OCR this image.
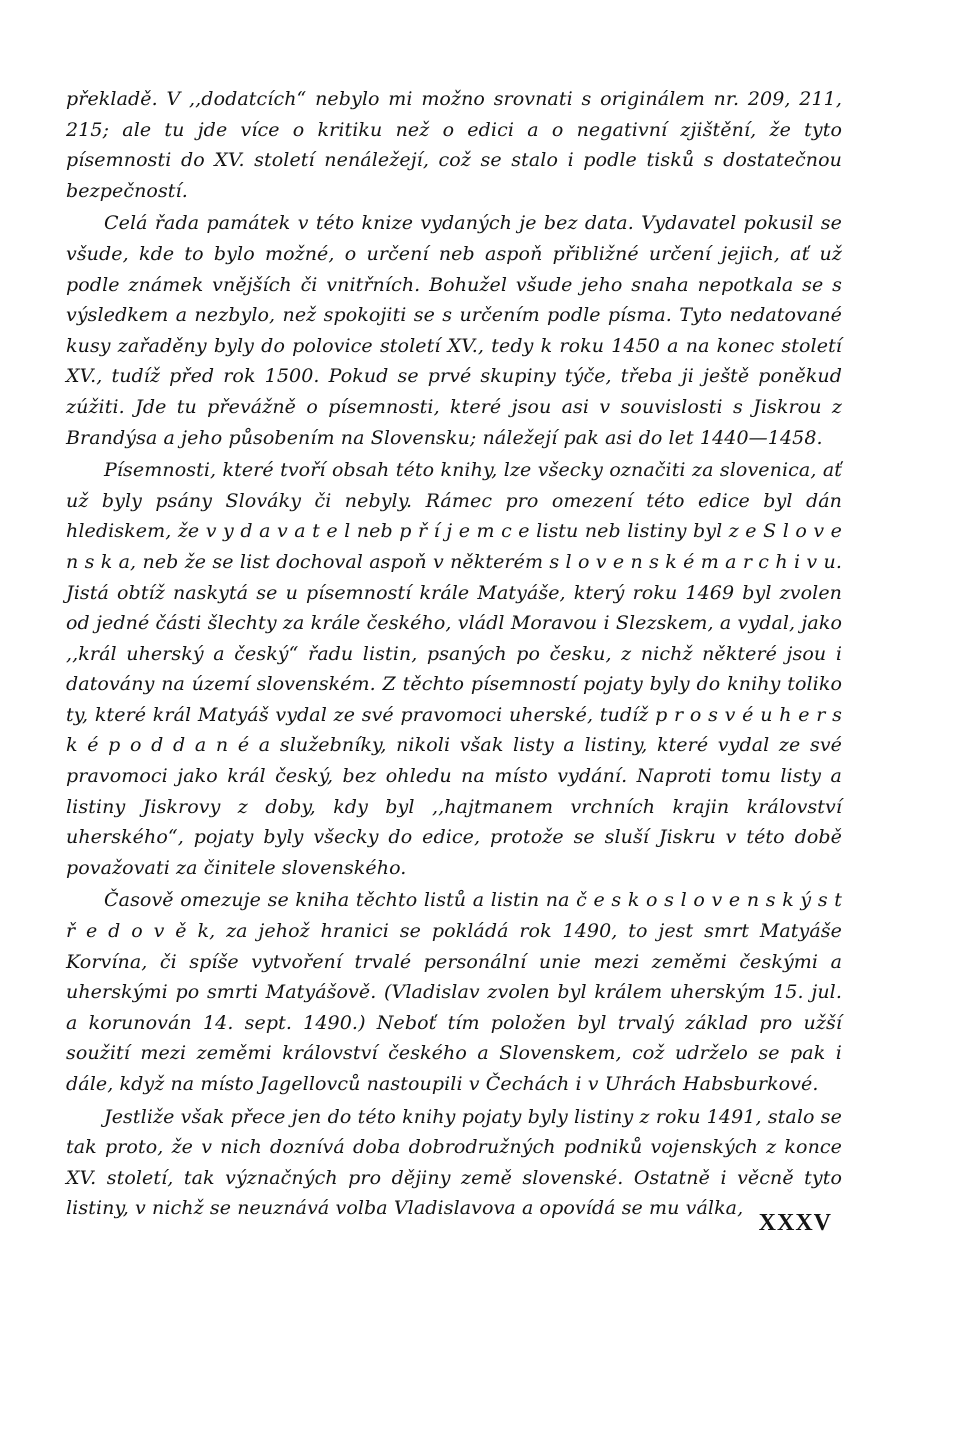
překladě. V ,,dodatcích“ nebylo mi možno srovnati s originálem nr. 209, 211, 215; ale tu jde více o kritiku než o edici a o negativní zjištění, že tyto písemnosti do XV. století nenáležejí, což se stalo i podle tisků s dostatečnou bezpečností.

Celá řada památek v této knize vydaných je bez data. Vydavatel pokusil se všude, kde to bylo možné, o určení neb aspoň přibližné určení jejich, ať už podle známek vnějších či vnitřních. Bohužel všude jeho snaha nepotkala se s výsledkem a nezbylo, než spokojiti se s určením podle písma. Tyto nedatované kusy zařaděny byly do polovice století XV., tedy k roku 1450 a na konec století XV., tudíž před rok 1500. Pokud se prvé skupiny týče, třeba ji ještě poněkud zúžiti. Jde tu převážně o písemnosti, které jsou asi v souvislosti s Jiskrou z Brandýsa a jeho působením na Slovensku; náležejí pak asi do let 1440—1458.

Písemnosti, které tvoří obsah této knihy, lze všecky označiti za slovenica, ať už byly psány Slováky či nebyly. Rámec pro omezení této edice byl dán hlediskem, že v y d a v a t e l neb p ř í j e m c e listu neb listiny byl z e S l o v e n s k a, neb že se list dochoval aspoň v některém s l o v e n s k é m a r c h i v u. Jistá obtíž naskytá se u písemností krále Matyáše, který roku 1469 byl zvolen od jedné části šlechty za krále českého, vládl Moravou i Slezskem, a vydal, jako ,,král uherský a český“ řadu listin, psaných po česku, z nichž některé jsou i datovány na území slovenském. Z těchto písemností pojaty byly do knihy toliko ty, které král Matyáš vydal ze své pravomoci uherské, tudíž p r o s v é u h e r s k é p o d d a n é a služebníky, nikoli však listy a listiny, které vydal ze své pravomoci jako král český, bez ohledu na místo vydání. Naproti tomu listy a listiny Jiskrovy z doby, kdy byl ,,hajtmanem vrchních krajin království uherského“, pojaty byly všecky do edice, protože se sluší Jiskru v této době považovati za činitele slovenského.

Časově omezuje se kniha těchto listů a listin na č e s k o s l o v e n s k ý s t ř e d o v ě k, za jehož hranici se pokládá rok 1490, to jest smrt Matyáše Korvína, či spíše vytvoření trvalé personální unie mezi zeměmi českými a uherskými po smrti Matyášově. (Vladislav zvolen byl králem uherským 15. jul. a korunován 14. sept. 1490.) Neboť tím položen byl trvalý základ pro užší soužití mezi zeměmi království českého a Slovenskem, což udrželo se pak i dále, když na místo Jagellovců nastoupili v Čechách i v Uhrách Habsburkové.

Jestliže však přece jen do této knihy pojaty byly listiny z roku 1491, stalo se tak proto, že v nich doznívá doba dobrodružných podniků vojenských z konce XV. století, tak význačných pro dějiny země slovenské. Ostatně i věcně tyto listiny, v nichž se neuznává volba Vladislavova a opovídá se mu válka,

XXXV
